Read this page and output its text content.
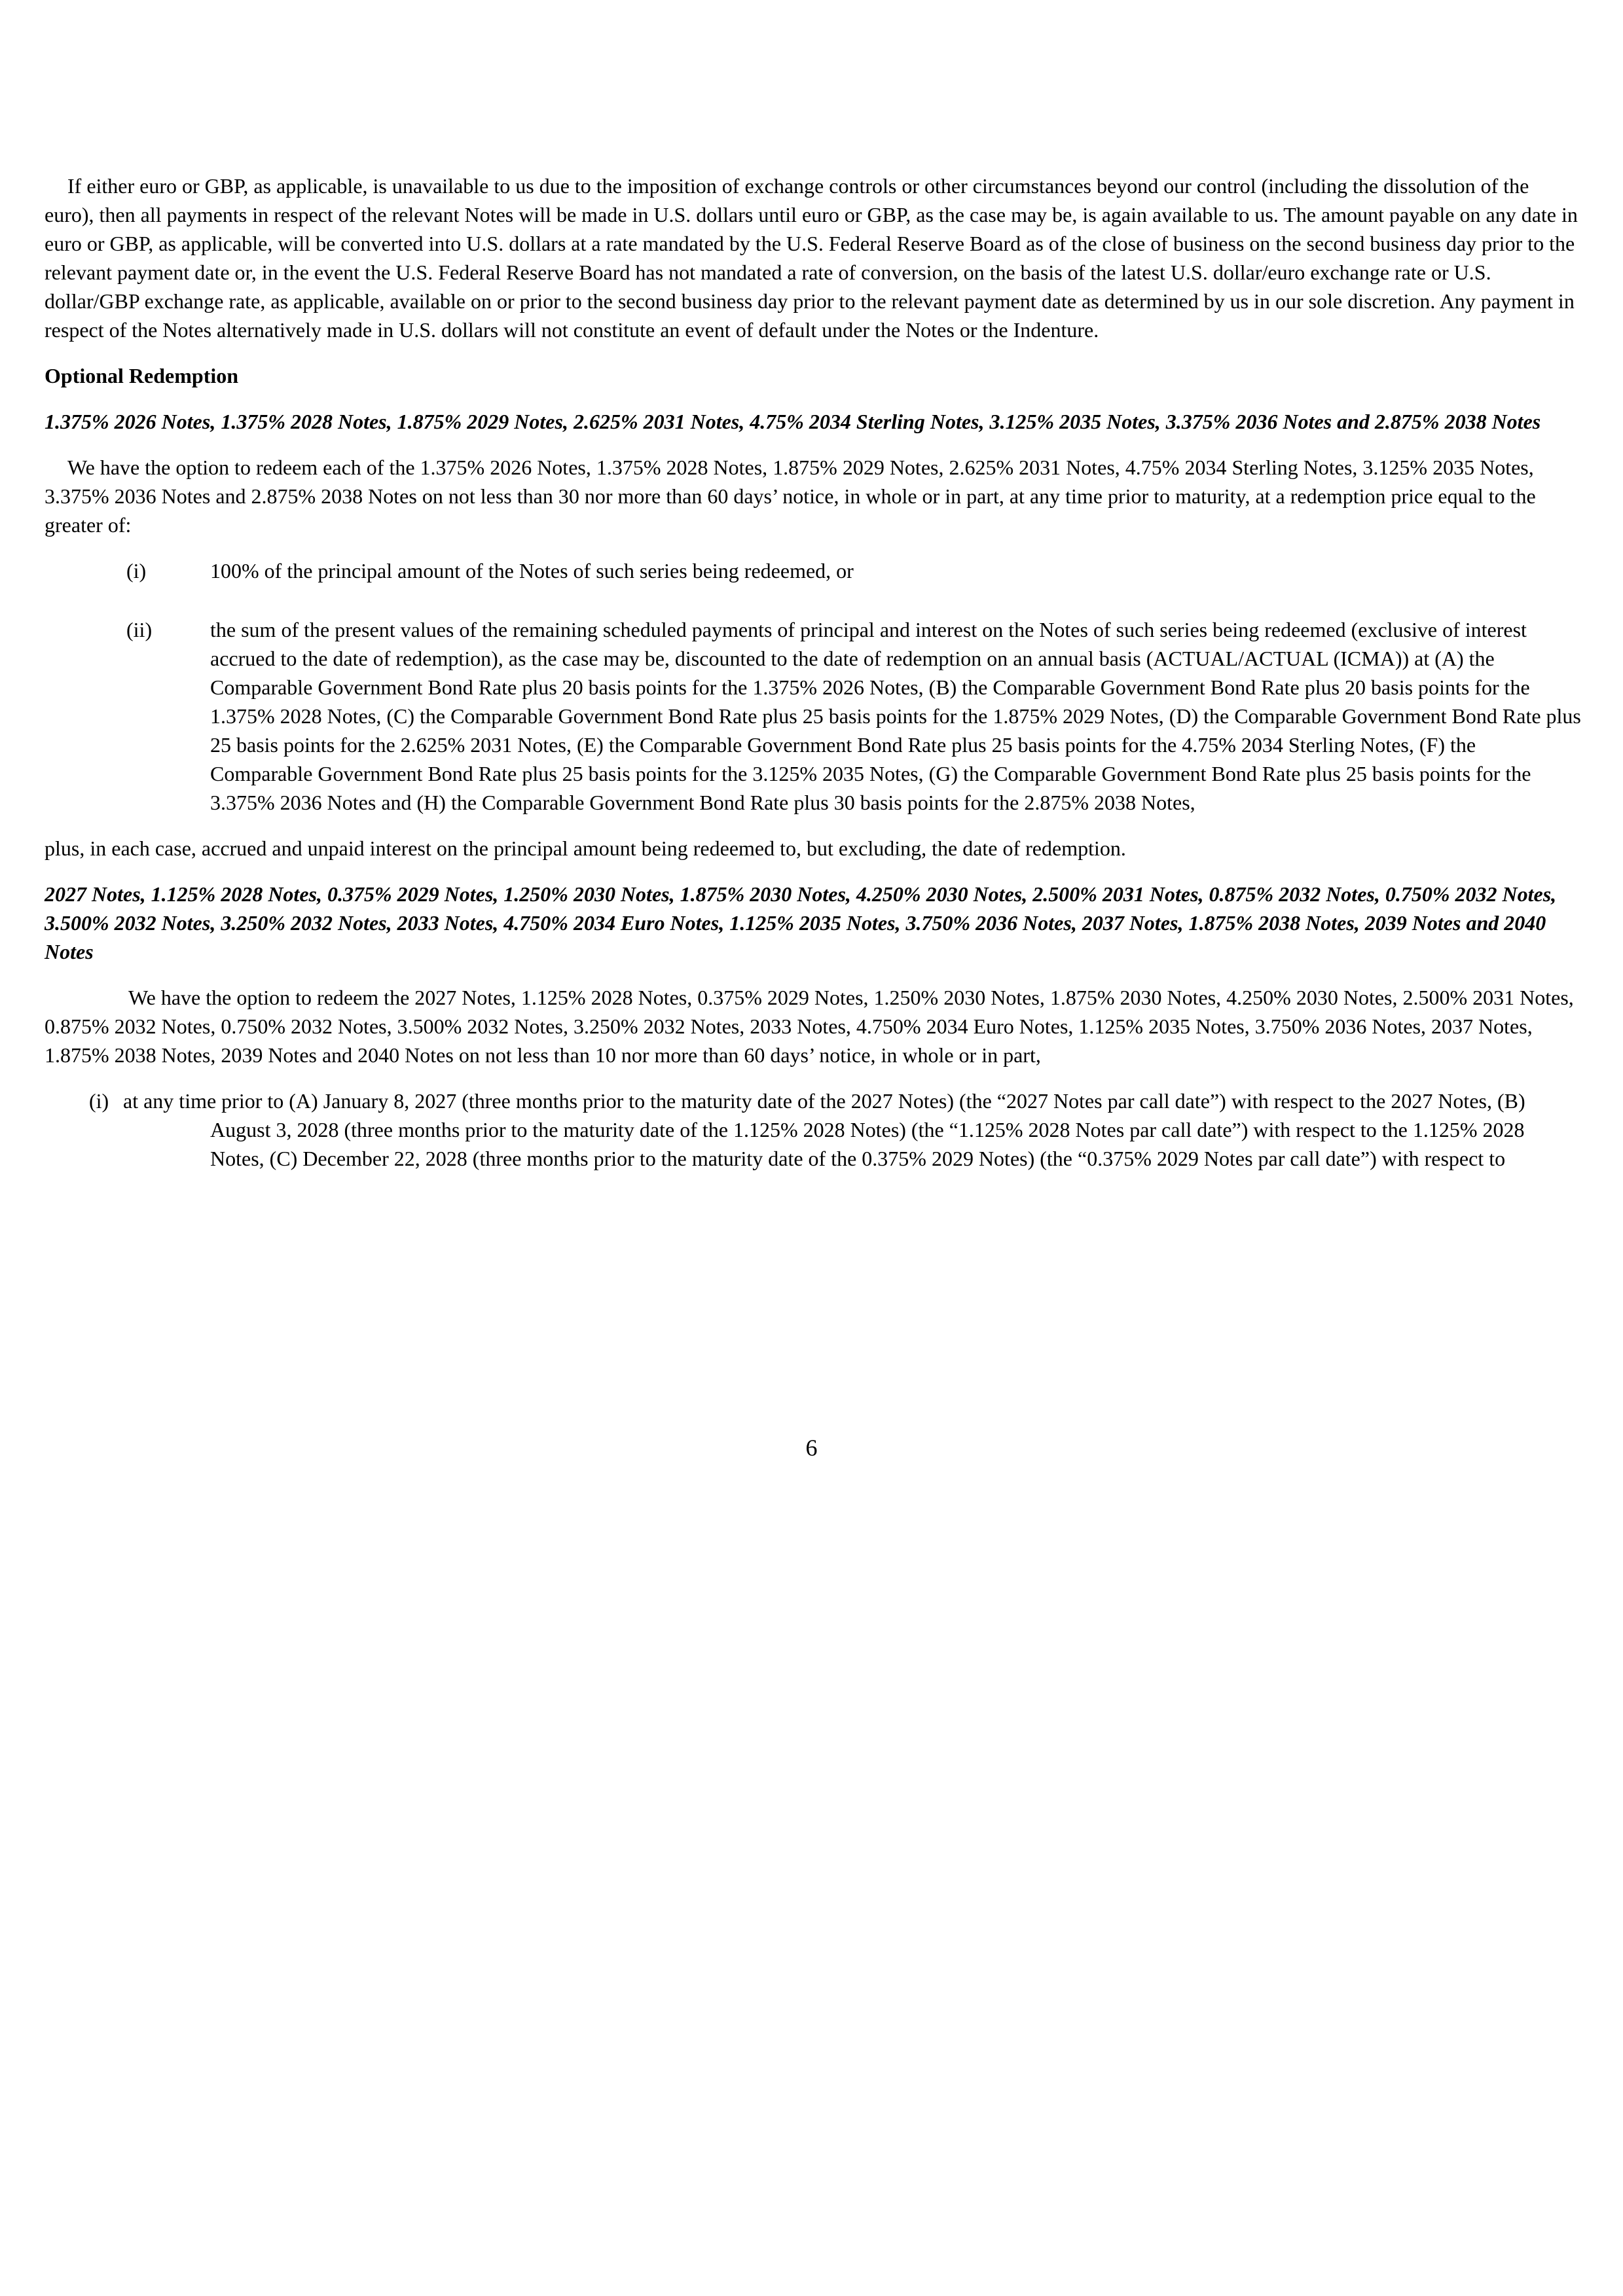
If either euro or GBP, as applicable, is unavailable to us due to the imposition of exchange controls or other circumstances beyond our control (including the dissolution of the euro), then all payments in respect of the relevant Notes will be made in U.S. dollars until euro or GBP, as the case may be, is again available to us. The amount payable on any date in euro or GBP, as applicable, will be converted into U.S. dollars at a rate mandated by the U.S. Federal Reserve Board as of the close of business on the second business day prior to the relevant payment date or, in the event the U.S. Federal Reserve Board has not mandated a rate of conversion, on the basis of the latest U.S. dollar/euro exchange rate or U.S. dollar/GBP exchange rate, as applicable, available on or prior to the second business day prior to the relevant payment date as determined by us in our sole discretion. Any payment in respect of the Notes alternatively made in U.S. dollars will not constitute an event of default under the Notes or the Indenture.

Optional Redemption

1.375% 2026 Notes, 1.375% 2028 Notes, 1.875% 2029 Notes, 2.625% 2031 Notes, 4.75% 2034 Sterling Notes, 3.125% 2035 Notes, 3.375% 2036 Notes and 2.875% 2038 Notes

We have the option to redeem each of the 1.375% 2026 Notes, 1.375% 2028 Notes, 1.875% 2029 Notes, 2.625% 2031 Notes, 4.75% 2034 Sterling Notes, 3.125% 2035 Notes, 3.375% 2036 Notes and 2.875% 2038 Notes on not less than 30 nor more than 60 days’ notice, in whole or in part, at any time prior to maturity, at a redemption price equal to the greater of:

(i)	100% of the principal amount of the Notes of such series being redeemed, or
(ii)	the sum of the present values of the remaining scheduled payments of principal and interest on the Notes of such series being redeemed (exclusive of interest accrued to the date of redemption), as the case may be, discounted to the date of redemption on an annual basis (ACTUAL/ACTUAL (ICMA)) at (A) the Comparable Government Bond Rate plus 20 basis points for the 1.375% 2026 Notes, (B) the Comparable Government Bond Rate plus 20 basis points for the 1.375% 2028 Notes, (C) the Comparable Government Bond Rate plus 25 basis points for the 1.875% 2029 Notes, (D) the Comparable Government Bond Rate plus 25 basis points for the 2.625% 2031 Notes, (E) the Comparable Government Bond Rate plus 25 basis points for the 4.75% 2034 Sterling Notes, (F) the Comparable Government Bond Rate plus 25 basis points for the 3.125% 2035 Notes, (G) the Comparable Government Bond Rate plus 25 basis points for the 3.375% 2036 Notes and (H) the Comparable Government Bond Rate plus 30 basis points for the 2.875% 2038 Notes,

plus, in each case, accrued and unpaid interest on the principal amount being redeemed to, but excluding, the date of redemption.

2027 Notes, 1.125% 2028 Notes, 0.375% 2029 Notes, 1.250% 2030 Notes, 1.875% 2030 Notes, 4.250% 2030 Notes, 2.500% 2031 Notes, 0.875% 2032 Notes, 0.750% 2032 Notes, 3.500% 2032 Notes, 3.250% 2032 Notes, 2033 Notes, 4.750% 2034 Euro Notes, 1.125% 2035 Notes, 3.750% 2036 Notes, 2037 Notes, 1.875% 2038 Notes, 2039 Notes and 2040 Notes

We have the option to redeem the 2027 Notes, 1.125% 2028 Notes, 0.375% 2029 Notes, 1.250% 2030 Notes, 1.875% 2030 Notes, 4.250% 2030 Notes, 2.500% 2031 Notes, 0.875% 2032 Notes, 0.750% 2032 Notes, 3.500% 2032 Notes, 3.250% 2032 Notes, 2033 Notes, 4.750% 2034 Euro Notes, 1.125% 2035 Notes, 3.750% 2036 Notes, 2037 Notes, 1.875% 2038 Notes, 2039 Notes and 2040 Notes on not less than 10 nor more than 60 days’ notice, in whole or in part,

(i) at any time prior to (A) January 8, 2027 (three months prior to the maturity date of the 2027 Notes) (the “2027 Notes par call date”) with respect to the 2027 Notes, (B) August 3, 2028 (three months prior to the maturity date of the 1.125% 2028 Notes) (the “1.125% 2028 Notes par call date”) with respect to the 1.125% 2028 Notes, (C) December 22, 2028 (three months prior to the maturity date of the 0.375% 2029 Notes) (the “0.375% 2029 Notes par call date”) with respect to
6
